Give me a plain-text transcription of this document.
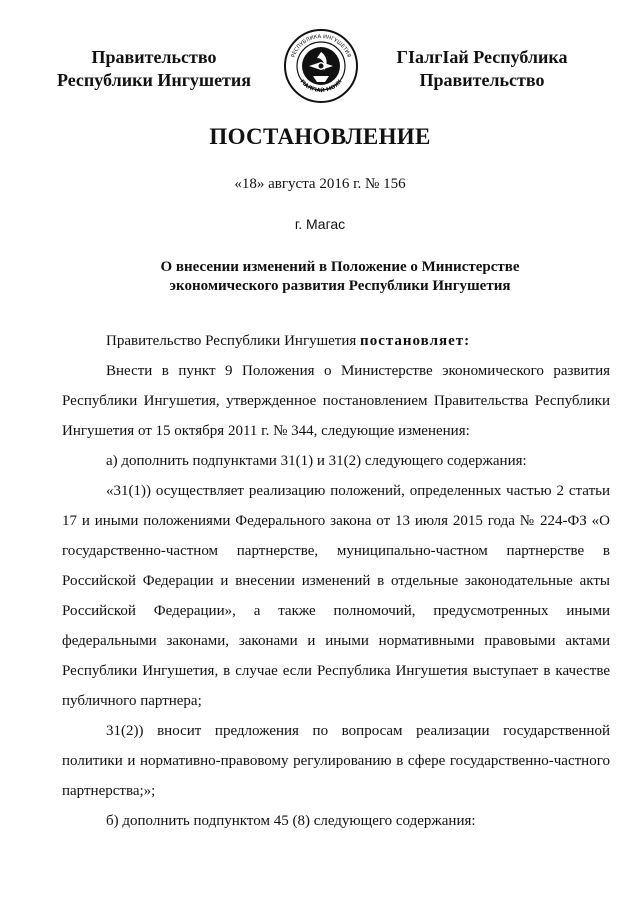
Правительство
Республики Ингушетия
РЕСПУБЛИКА ИНГУШЕТИЯ
ГIАЛГIАЙ МОХК
ГIалгIай Республика
Правительство
ПОСТАНОВЛЕНИЕ
«18» августа 2016 г. № 156
г. Магас
О внесении изменений в Положение о Министерстве
экономического развития Республики Ингушетия

Правительство Республики Ингушетия постановляет:

Внести в пункт 9 Положения о Министерстве экономического развития Республики Ингушетия, утвержденное постановлением Правительства Республики Ингушетия от 15 октября 2011 г. № 344, следующие изменения:

а) дополнить подпунктами 31(1) и 31(2) следующего содержания:

«31(1)) осуществляет реализацию положений, определенных частью 2 статьи 17 и иными положениями Федерального закона от 13 июля 2015 года № 224-ФЗ «О государственно-частном партнерстве, муниципально-частном партнерстве в Российской Федерации и внесении изменений в отдельные законодательные акты Российской Федерации», а также полномочий, предусмотренных иными федеральными законами, законами и иными нормативными правовыми актами Республики Ингушетия, в случае если Республика Ингушетия выступает в качестве публичного партнера;

31(2)) вносит предложения по вопросам реализации государственной политики и нормативно-правовому регулированию в сфере государственно-частного партнерства;»;

б) дополнить подпунктом 45 (8) следующего содержания:
